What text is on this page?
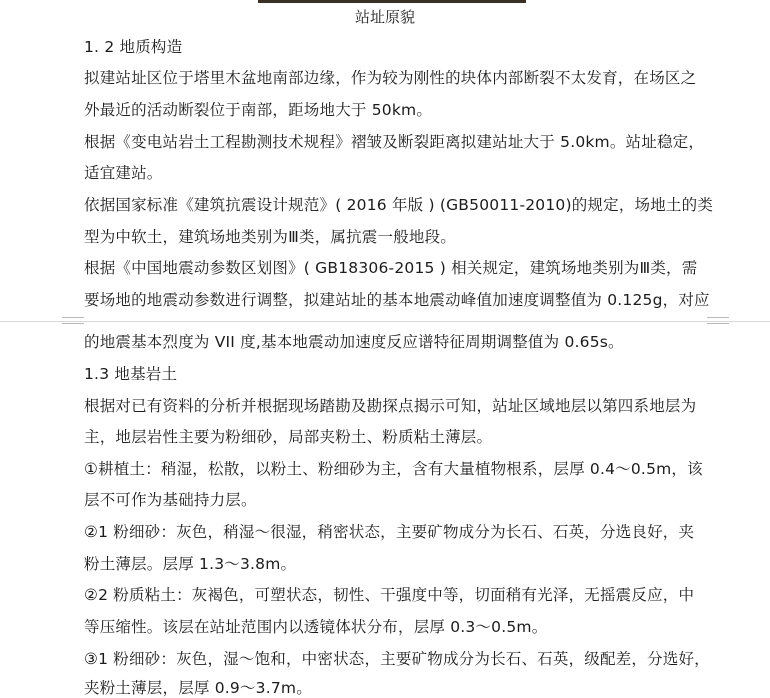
站址原貌
1. 2 地质构造
拟建站址区位于塔里木盆地南部边缘，作为较为刚性的块体内部断裂不太发育，在场区之
外最近的活动断裂位于南部，距场地大于 50km。
根据《变电站岩土工程勘测技术规程》褶皱及断裂距离拟建站址大于 5.0km。站址稳定，
适宜建站。
依据国家标准《建筑抗震设计规范》( 2016 年版 ) (GB50011-2010)的规定，场地土的类
型为中软土，建筑场地类别为Ⅲ类，属抗震一般地段。
根据《中国地震动参数区划图》( GB18306-2015 ) 相关规定，建筑场地类别为Ⅲ类，需
要场地的地震动参数进行调整，拟建站址的基本地震动峰值加速度调整值为 0.125g，对应
的地震基本烈度为 VII 度,基本地震动加速度反应谱特征周期调整值为 0.65s。
1.3 地基岩土
根据对已有资料的分析并根据现场踏勘及勘探点揭示可知，站址区域地层以第四系地层为
主，地层岩性主要为粉细砂，局部夹粉土、粉质粘土薄层。
①耕植土：稍湿，松散，以粉土、粉细砂为主，含有大量植物根系，层厚 0.4～0.5m，该
层不可作为基础持力层。
②1 粉细砂：灰色，稍湿～很湿，稍密状态，主要矿物成分为长石、石英，分选良好，夹
粉土薄层。层厚 1.3～3.8m。
②2 粉质粘土：灰褐色，可塑状态，韧性、干强度中等，切面稍有光泽，无摇震反应，中
等压缩性。该层在站址范围内以透镜体状分布，层厚 0.3～0.5m。
③1 粉细砂：灰色，湿～饱和，中密状态，主要矿物成分为长石、石英，级配差，分选好，
夹粉土薄层，层厚 0.9～3.7m。
